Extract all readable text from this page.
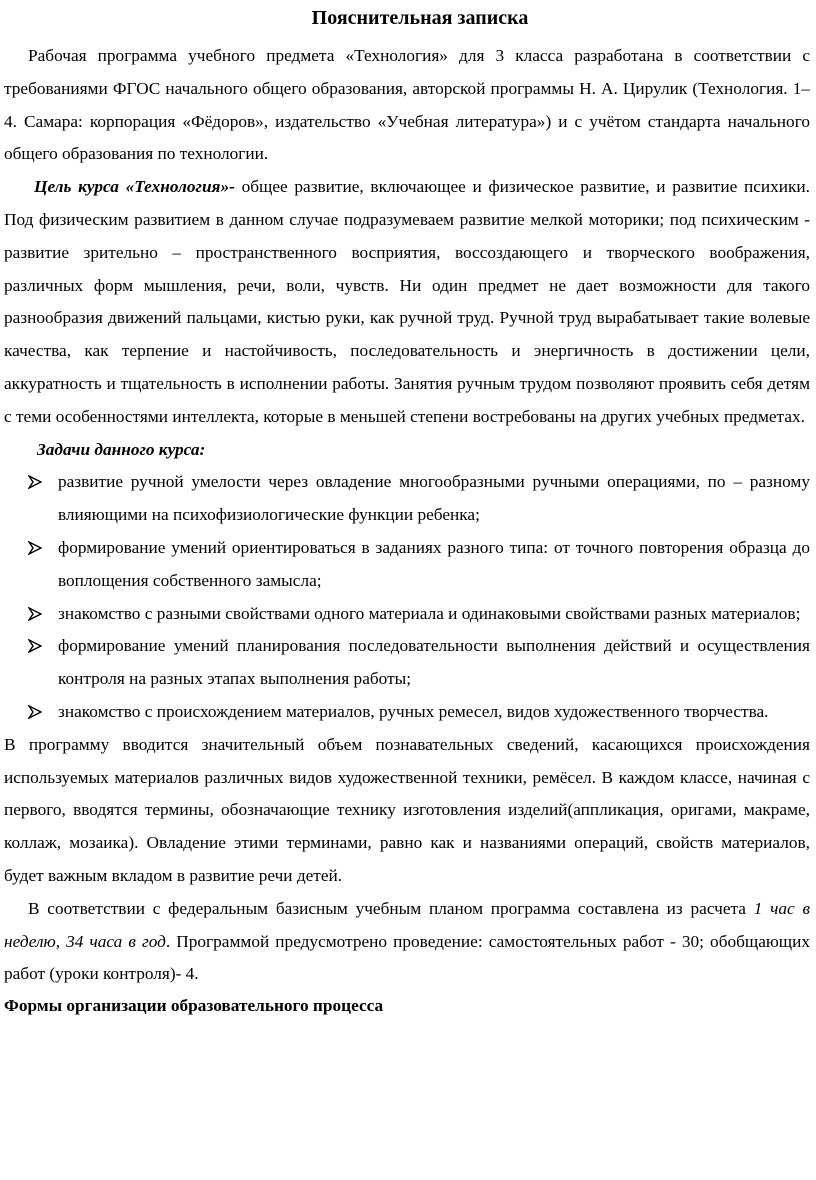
Пояснительная записка

Рабочая программа учебного предмета «Технология» для 3 класса разработана в соответствии с требованиями ФГОС начального общего образования, авторской программы Н. А. Цирулик (Технология. 1–4. Самара: корпорация «Фёдоров», издательство «Учебная литература») и с учётом стандарта начального общего образования по технологии.

Цель курса «Технология»- общее развитие, включающее и физическое развитие, и развитие психики. Под физическим развитием в данном случае подразумеваем развитие мелкой моторики; под психическим - развитие зрительно – пространственного восприятия, воссоздающего и творческого воображения, различных форм мышления, речи, воли, чувств. Ни один предмет не дает возможности для такого разнообразия движений пальцами, кистью руки, как ручной труд. Ручной труд вырабатывает такие волевые качества, как терпение и настойчивость, последовательность и энергичность в достижении цели, аккуратность и тщательность в исполнении работы. Занятия ручным трудом позволяют проявить себя детям с теми особенностями интеллекта, которые в меньшей степени востребованы на других учебных предметах.

Задачи данного курса:

развитие ручной умелости через овладение многообразными ручными операциями, по – разному влияющими на психофизиологические функции ребенка;
формирование умений ориентироваться в заданиях разного типа: от точного повторения образца до воплощения собственного замысла;
знакомство с разными свойствами одного материала и одинаковыми свойствами разных материалов;
формирование умений планирования последовательности выполнения действий и осуществления контроля на разных этапах выполнения работы;
знакомство с происхождением материалов, ручных ремесел, видов художественного творчества.

В программу вводится значительный объем познавательных сведений, касающихся происхождения используемых материалов различных видов художественной техники, ремёсел. В каждом классе, начиная с первого, вводятся термины, обозначающие технику изготовления изделий(аппликация, оригами, макраме, коллаж, мозаика). Овладение этими терминами, равно как и названиями операций, свойств материалов, будет важным вкладом в развитие речи детей.

В соответствии с федеральным базисным учебным планом программа составлена из расчета 1 час в неделю, 34 часа в год. Программой предусмотрено проведение: самостоятельных работ - 30; обобщающих работ (уроки контроля)- 4.

Формы организации образовательного процесса
